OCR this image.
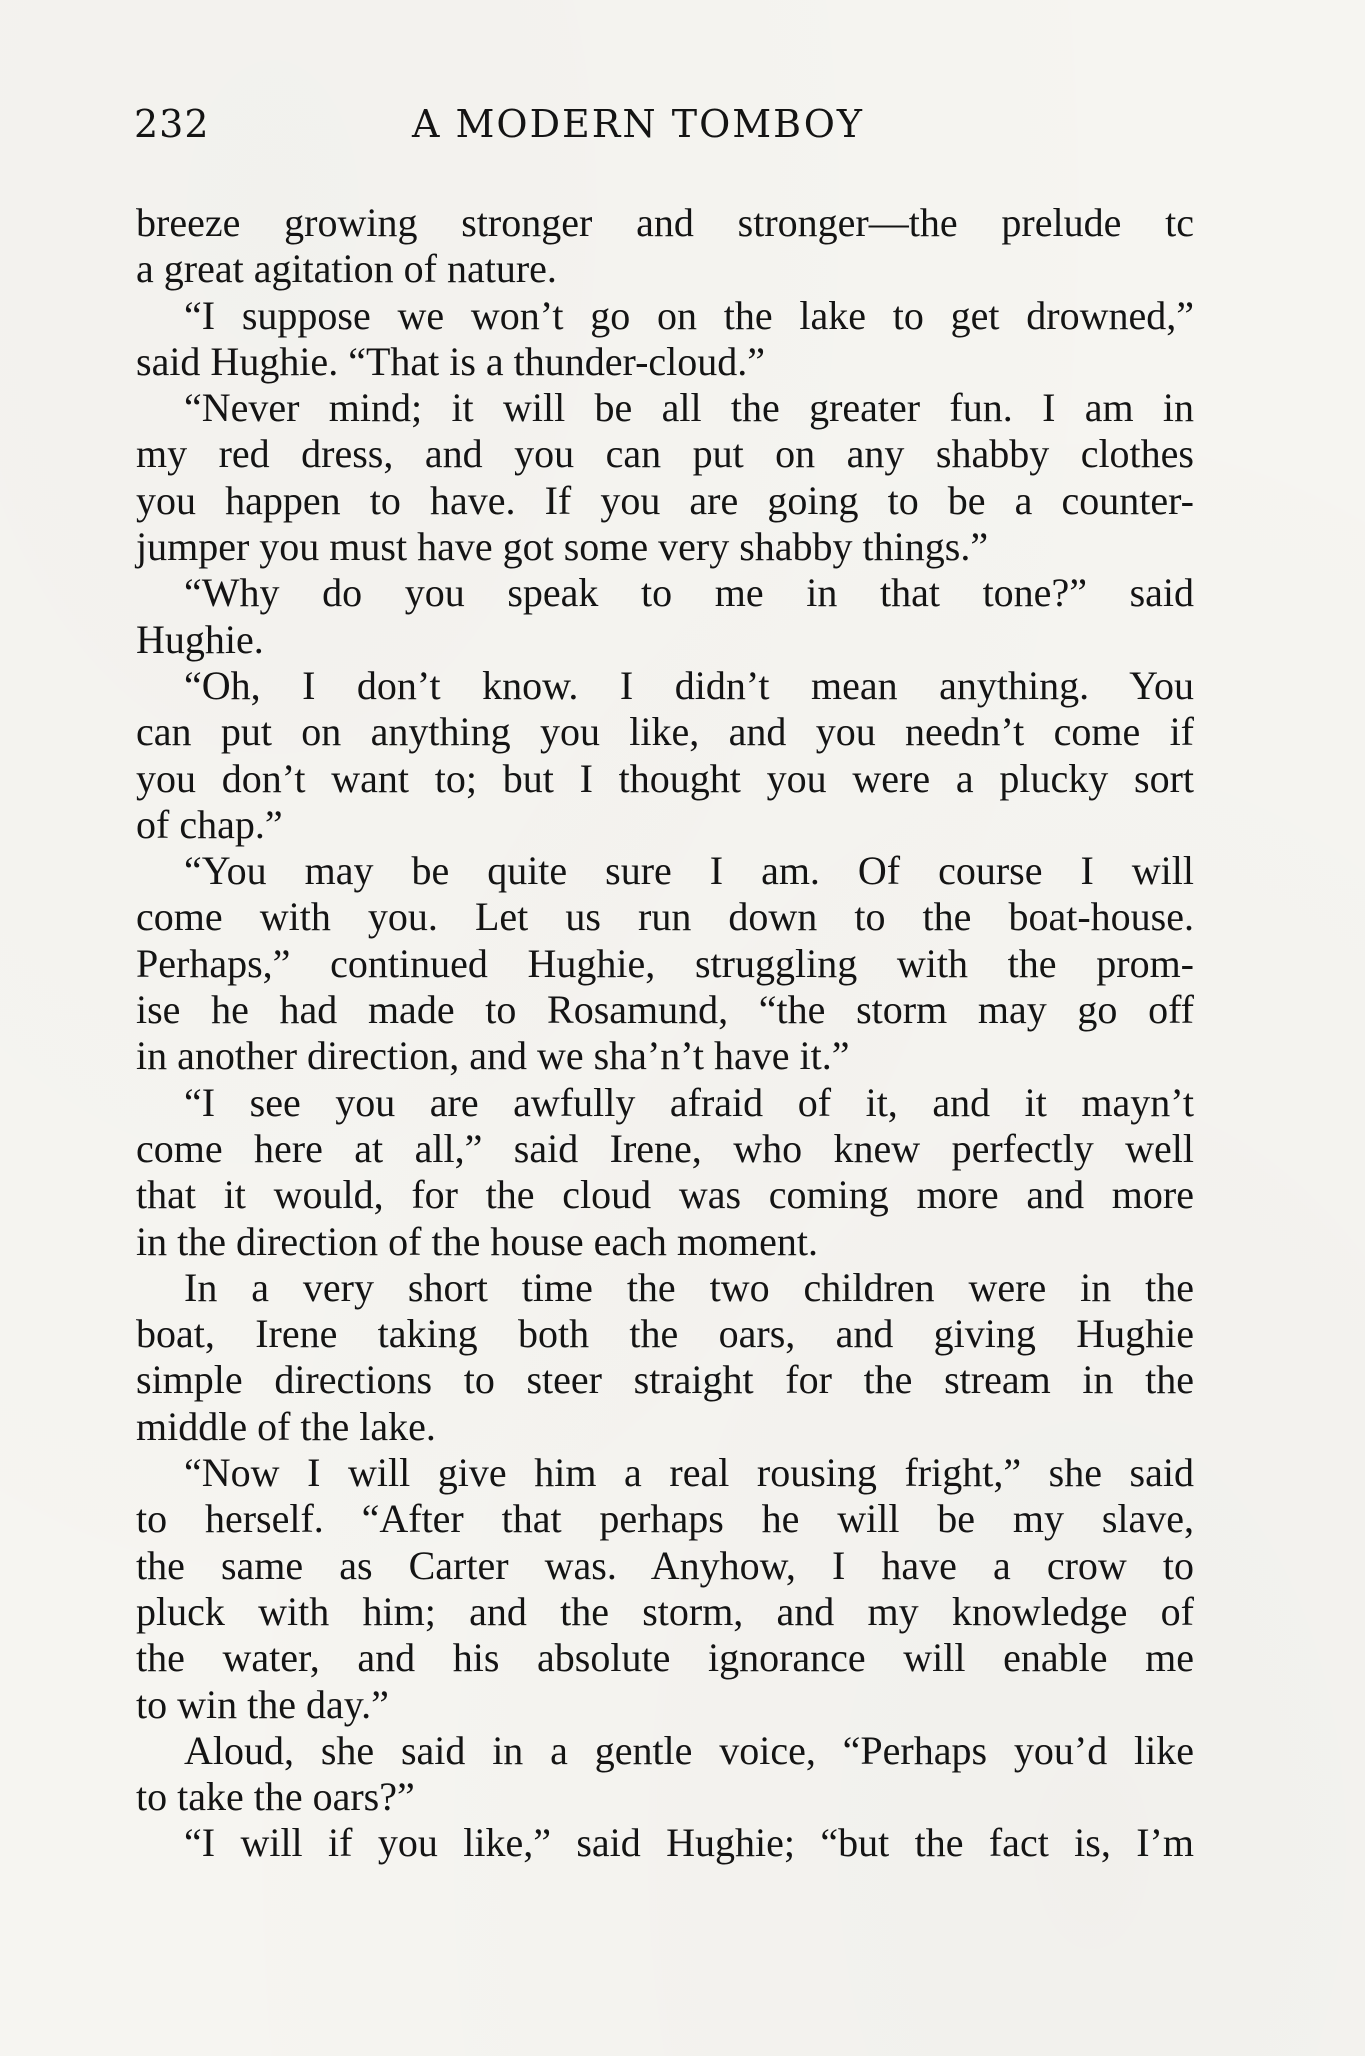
232	A MODERN TOMBOY
breeze growing stronger and stronger—the prelude tc
a great agitation of nature.
“I suppose we won’t go on the lake to get drowned,”
said Hughie. “That is a thunder-cloud.”
“Never mind; it will be all the greater fun. I am in
my red dress, and you can put on any shabby clothes
you happen to have. If you are going to be a counter-
jumper you must have got some very shabby things.”
“Why do you speak to me in that tone?” said
Hughie.
“Oh, I don’t know. I didn’t mean anything. You
can put on anything you like, and you needn’t come if
you don’t want to; but I thought you were a plucky sort
of chap.”
“You may be quite sure I am. Of course I will
come with you. Let us run down to the boat-house.
Perhaps,” continued Hughie, struggling with the prom-
ise he had made to Rosamund, “the storm may go off
in another direction, and we sha’n’t have it.”
“I see you are awfully afraid of it, and it mayn’t
come here at all,” said Irene, who knew perfectly well
that it would, for the cloud was coming more and more
in the direction of the house each moment.
In a very short time the two children were in the
boat, Irene taking both the oars, and giving Hughie
simple directions to steer straight for the stream in the
middle of the lake.
“Now I will give him a real rousing fright,” she said
to herself. “After that perhaps he will be my slave,
the same as Carter was. Anyhow, I have a crow to
pluck with him; and the storm, and my knowledge of
the water, and his absolute ignorance will enable me
to win the day.”
Aloud, she said in a gentle voice, “Perhaps you’d like
to take the oars?”
“I will if you like,” said Hughie; “but the fact is, I’m
